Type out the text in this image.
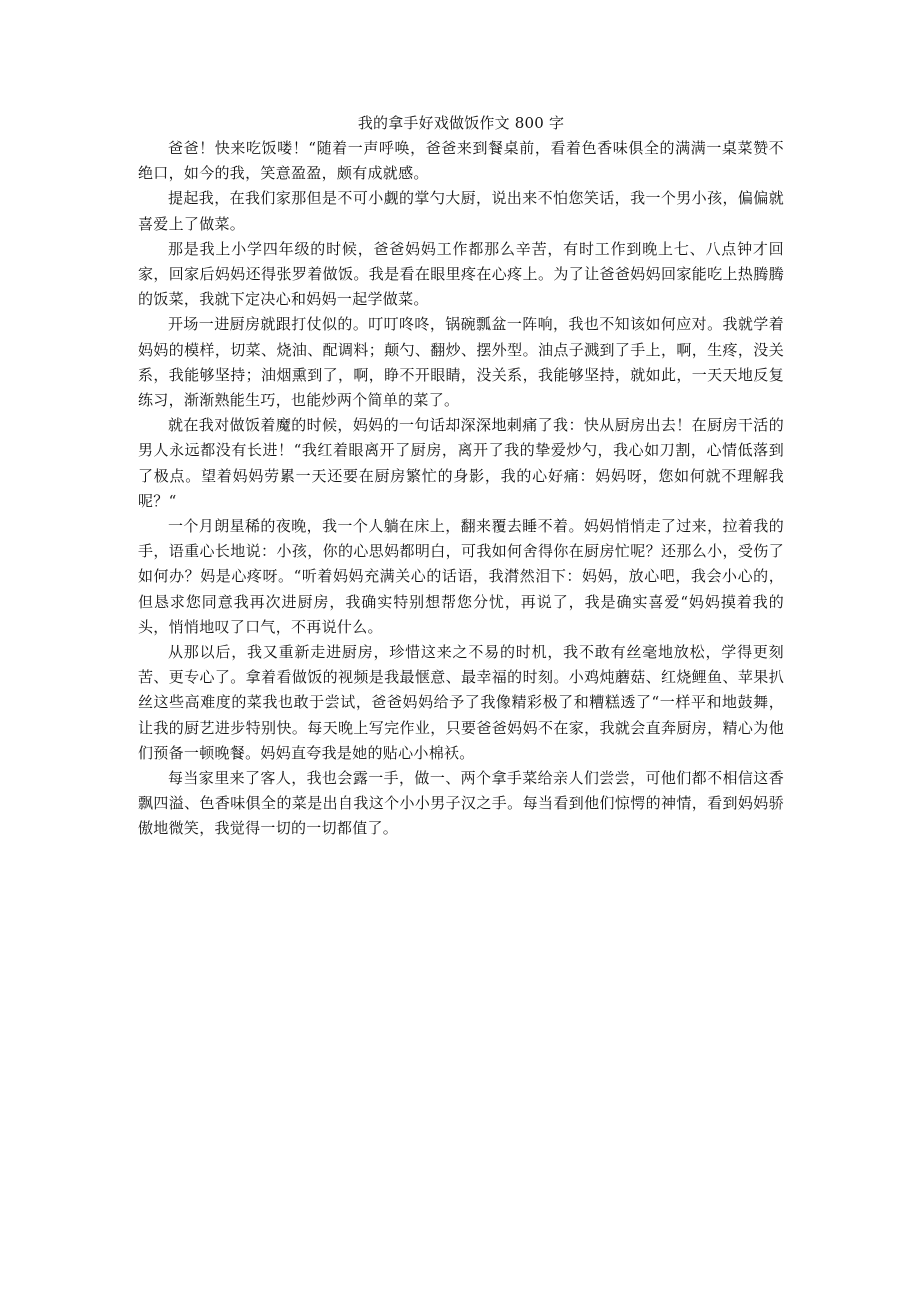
我的拿手好戏做饭作文 800 字

爸爸！快来吃饭喽！“随着一声呼唤，爸爸来到餐桌前，看着色香味俱全的满满一桌菜赞不绝口，如今的我，笑意盈盈，颇有成就感。

提起我，在我们家那但是不可小觑的掌勺大厨，说出来不怕您笑话，我一个男小孩，偏偏就喜爱上了做菜。

那是我上小学四年级的时候，爸爸妈妈工作都那么辛苦，有时工作到晚上七、八点钟才回家，回家后妈妈还得张罗着做饭。我是看在眼里疼在心疼上。为了让爸爸妈妈回家能吃上热腾腾的饭菜，我就下定决心和妈妈一起学做菜。

开场一进厨房就跟打仗似的。叮叮咚咚，锅碗瓢盆一阵响，我也不知该如何应对。我就学着妈妈的模样，切菜、烧油、配调料；颠勺、翻炒、摆外型。油点子溅到了手上，啊，生疼，没关系，我能够坚持；油烟熏到了，啊，睁不开眼睛，没关系，我能够坚持，就如此，一天天地反复练习，渐渐熟能生巧，也能炒两个简单的菜了。

就在我对做饭着魔的时候，妈妈的一句话却深深地刺痛了我：快从厨房出去！在厨房干活的男人永远都没有长进！“我红着眼离开了厨房，离开了我的挚爱炒勺，我心如刀割，心情低落到了极点。望着妈妈劳累一天还要在厨房繁忙的身影，我的心好痛：妈妈呀，您如何就不理解我呢？“

一个月朗星稀的夜晚，我一个人躺在床上，翻来覆去睡不着。妈妈悄悄走了过来，拉着我的手，语重心长地说：小孩，你的心思妈都明白，可我如何舍得你在厨房忙呢？还那么小，受伤了如何办？妈是心疼呀。“听着妈妈充满关心的话语，我潸然泪下：妈妈，放心吧，我会小心的，但恳求您同意我再次进厨房，我确实特别想帮您分忧，再说了，我是确实喜爱“妈妈摸着我的头，悄悄地叹了口气，不再说什么。

从那以后，我又重新走进厨房，珍惜这来之不易的时机，我不敢有丝毫地放松，学得更刻苦、更专心了。拿着看做饭的视频是我最惬意、最幸福的时刻。小鸡炖蘑菇、红烧鲤鱼、苹果扒丝这些高难度的菜我也敢于尝试，爸爸妈妈给予了我像精彩极了和糟糕透了“一样平和地鼓舞，让我的厨艺进步特别快。每天晚上写完作业，只要爸爸妈妈不在家，我就会直奔厨房，精心为他们预备一顿晚餐。妈妈直夸我是她的贴心小棉袄。

每当家里来了客人，我也会露一手，做一、两个拿手菜给亲人们尝尝，可他们都不相信这香飘四溢、色香味俱全的菜是出自我这个小小男子汉之手。每当看到他们惊愕的神情，看到妈妈骄傲地微笑，我觉得一切的一切都值了。
